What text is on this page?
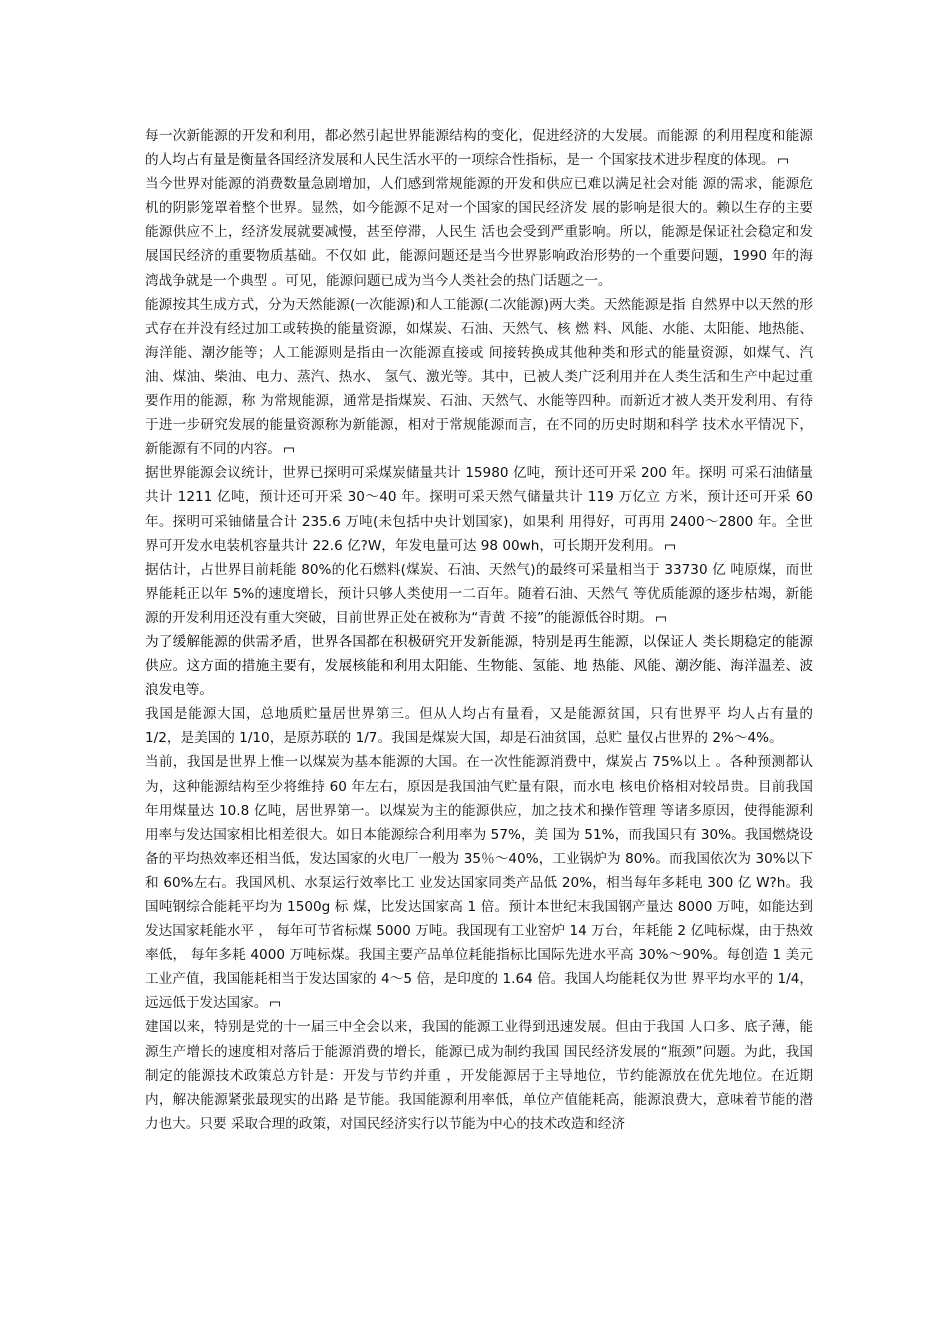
每一次新能源的开发和利用，都必然引起世界能源结构的变化，促进经济的大发展。而能源 的利用程度和能源的人均占有量是衡量各国经济发展和人民生活水平的一项综合性指标，是一 个国家技术进步程度的体现。

当今世界对能源的消费数量急剧增加，人们感到常规能源的开发和供应已难以满足社会对能 源的需求，能源危机的阴影笼罩着整个世界。显然，如今能源不足对一个国家的国民经济发 展的影响是很大的。赖以生存的主要能源供应不上，经济发展就要减慢，甚至停滞，人民生 活也会受到严重影响。所以，能源是保证社会稳定和发展国民经济的重要物质基础。不仅如 此，能源问题还是当今世界影响政治形势的一个重要问题，1990 年的海湾战争就是一个典型 。可见，能源问题已成为当今人类社会的热门话题之一。

能源按其生成方式，分为天然能源(一次能源)和人工能源(二次能源)两大类。天然能源是指 自然界中以天然的形式存在并没有经过加工或转换的能量资源，如煤炭、石油、天然气、核 燃 料、风能、水能、太阳能、地热能、海洋能、潮汐能等；人工能源则是指由一次能源直接或 间接转换成其他种类和形式的能量资源，如煤气、汽油、煤油、柴油、电力、蒸汽、热水、 氢气、激光等。其中，已被人类广泛利用并在人类生活和生产中起过重要作用的能源，称 为常规能源，通常是指煤炭、石油、天然气、水能等四种。而新近才被人类开发利用、有待 于进一步研究发展的能量资源称为新能源，相对于常规能源而言，在不同的历史时期和科学 技术水平情况下，新能源有不同的内容。

据世界能源会议统计，世界已探明可采煤炭储量共计 15980 亿吨，预计还可开采 200 年。探明 可采石油储量共计 1211 亿吨，预计还可开采 30～40 年。探明可采天然气储量共计 119 万亿立 方米，预计还可开采 60 年。探明可采铀储量合计 235.6 万吨(未包括中央计划国家)，如果利 用得好，可再用 2400～2800 年。全世界可开发水电装机容量共计 22.6 亿?W，年发电量可达 98 00wh，可长期开发利用。

据估计，占世界目前耗能 80%的化石燃料(煤炭、石油、天然气)的最终可采量相当于 33730 亿 吨原煤，而世界能耗正以年 5%的速度增长，预计只够人类使用一二百年。随着石油、天然气 等优质能源的逐步枯竭，新能源的开发利用还没有重大突破，目前世界正处在被称为“青黄 不接”的能源低谷时期。

为了缓解能源的供需矛盾，世界各国都在积极研究开发新能源，特别是再生能源，以保证人 类长期稳定的能源供应。这方面的措施主要有，发展核能和利用太阳能、生物能、氢能、地 热能、风能、潮汐能、海洋温差、波浪发电等。

我国是能源大国，总地质贮量居世界第三。但从人均占有量看，又是能源贫国，只有世界平 均人占有量的 1/2，是美国的 1/10，是原苏联的 1/7。我国是煤炭大国，却是石油贫国，总贮 量仅占世界的 2%～4%。

当前，我国是世界上惟一以煤炭为基本能源的大国。在一次性能源消费中，煤炭占 75%以上 。各种预测都认为，这种能源结构至少将维持 60 年左右，原因是我国油气贮量有限，而水电 核电价格相对较昂贵。目前我国年用煤量达 10.8 亿吨，居世界第一。以煤炭为主的能源供应，加之技术和操作管理 等诸多原因，使得能源利用率与发达国家相比相差很大。如日本能源综合利用率为 57%，美 国为 51%，而我国只有 30%。我国燃烧设备的平均热效率还相当低，发达国家的火电厂一般为 35％～40%，工业锅炉为 80%。而我国依次为 30%以下和 60%左右。我国风机、水泵运行效率比工 业发达国家同类产品低 20%，相当每年多耗电 300 亿 W?h。我国吨钢综合能耗平均为 1500g 标 煤，比发达国家高 1 倍。预计本世纪末我国钢产量达 8000 万吨，如能达到发达国家耗能水平 ， 每年可节省标煤 5000 万吨。我国现有工业窑炉 14 万台，年耗能 2 亿吨标煤，由于热效率低， 每年多耗 4000 万吨标煤。我国主要产品单位耗能指标比国际先进水平高 30%～90%。每创造 1 美元工业产值，我国能耗相当于发达国家的 4～5 倍，是印度的 1.64 倍。我国人均能耗仅为世 界平均水平的 1/4，远远低于发达国家。

建国以来，特别是党的十一届三中全会以来，我国的能源工业得到迅速发展。但由于我国 人口多、底子薄，能源生产增长的速度相对落后于能源消费的增长，能源已成为制约我国 国民经济发展的“瓶颈”问题。为此，我国制定的能源技术政策总方针是：开发与节约并重 ，开发能源居于主导地位，节约能源放在优先地位。在近期内，解决能源紧张最现实的出路 是节能。我国能源利用率低，单位产值能耗高，能源浪费大，意味着节能的潜力也大。只要 采取合理的政策，对国民经济实行以节能为中心的技术改造和经济
